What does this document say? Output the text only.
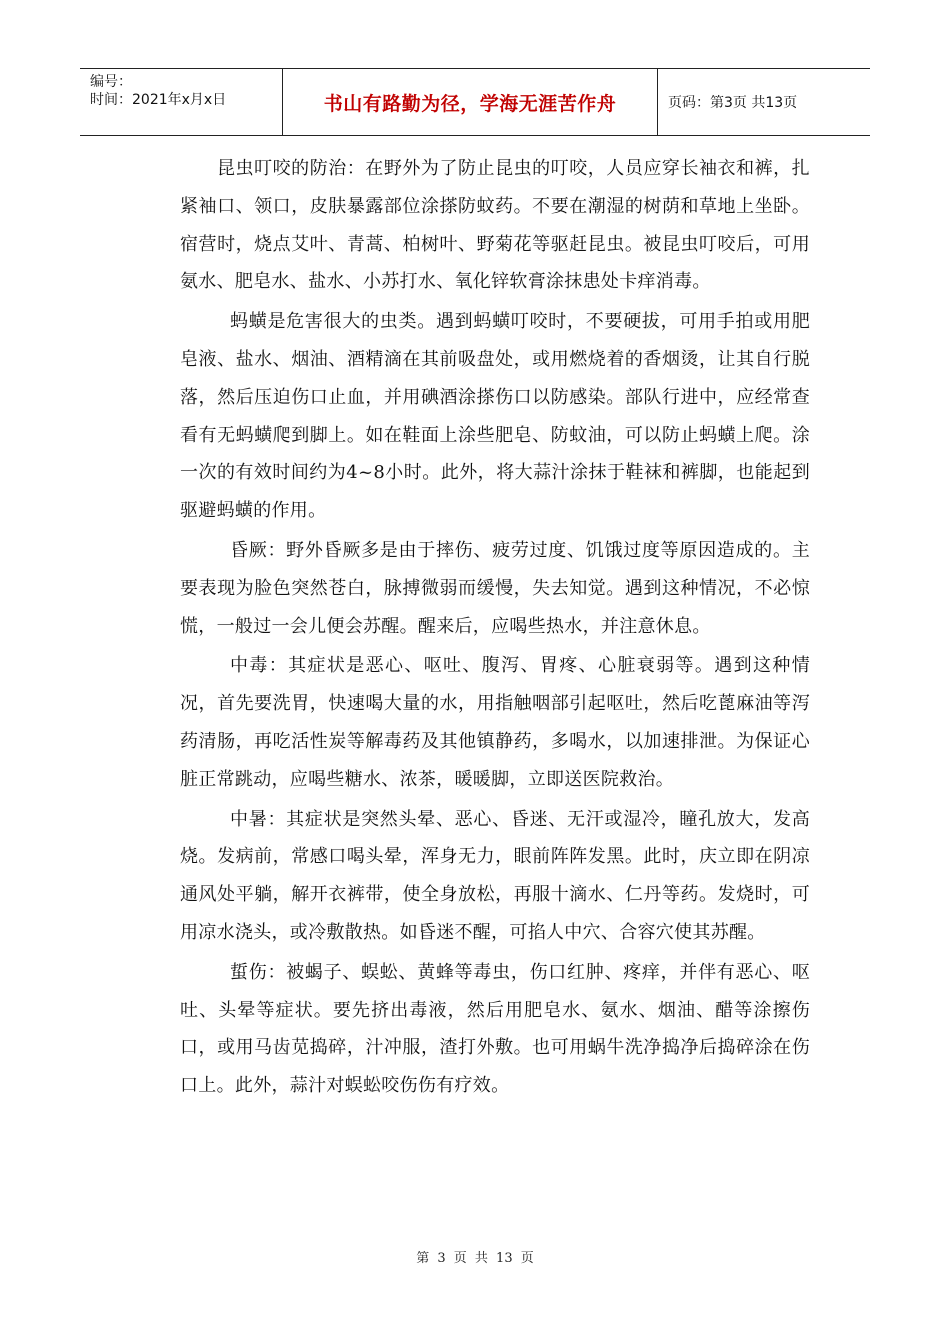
编号：
时间：2021年x月x日	书山有路勤为径，学海无涯苦作舟	页码：第3页 共13页

昆虫叮咬的防治：在野外为了防止昆虫的叮咬，人员应穿长袖衣和裤，扎紧袖口、领口，皮肤暴露部位涂搽防蚊药。不要在潮湿的树荫和草地上坐卧。宿营时，烧点艾叶、青蒿、柏树叶、野菊花等驱赶昆虫。被昆虫叮咬后，可用氨水、肥皂水、盐水、小苏打水、氧化锌软膏涂抹患处卡痒消毒。

蚂蟥是危害很大的虫类。遇到蚂蟥叮咬时，不要硬拔，可用手拍或用肥皂液、盐水、烟油、酒精滴在其前吸盘处，或用燃烧着的香烟烫，让其自行脱落，然后压迫伤口止血，并用碘酒涂搽伤口以防感染。部队行进中，应经常查看有无蚂蟥爬到脚上。如在鞋面上涂些肥皂、防蚊油，可以防止蚂蟥上爬。涂一次的有效时间约为4~8小时。此外，将大蒜汁涂抹于鞋袜和裤脚，也能起到驱避蚂蟥的作用。

昏厥：野外昏厥多是由于摔伤、疲劳过度、饥饿过度等原因造成的。主要表现为脸色突然苍白，脉搏微弱而缓慢，失去知觉。遇到这种情况，不必惊慌，一般过一会儿便会苏醒。醒来后，应喝些热水，并注意休息。

中毒：其症状是恶心、呕吐、腹泻、胃疼、心脏衰弱等。遇到这种情况，首先要洗胃，快速喝大量的水，用指触咽部引起呕吐，然后吃蓖麻油等泻药清肠，再吃活性炭等解毒药及其他镇静药，多喝水，以加速排泄。为保证心脏正常跳动，应喝些糖水、浓茶，暖暖脚，立即送医院救治。

中暑：其症状是突然头晕、恶心、昏迷、无汗或湿冷，瞳孔放大，发高烧。发病前，常感口喝头晕，浑身无力，眼前阵阵发黑。此时，庆立即在阴凉通风处平躺，解开衣裤带，使全身放松，再服十滴水、仁丹等药。发烧时，可用凉水浇头，或冷敷散热。如昏迷不醒，可掐人中穴、合容穴使其苏醒。

蜇伤：被蝎子、蜈蚣、黄蜂等毒虫，伤口红肿、疼痒，并伴有恶心、呕吐、头晕等症状。要先挤出毒液，然后用肥皂水、氨水、烟油、醋等涂擦伤口，或用马齿苋捣碎，汁冲服，渣打外敷。也可用蜗牛洗净捣净后捣碎涂在伤口上。此外，蒜汁对蜈蚣咬伤伤有疗效。

第 3 页 共 13 页
